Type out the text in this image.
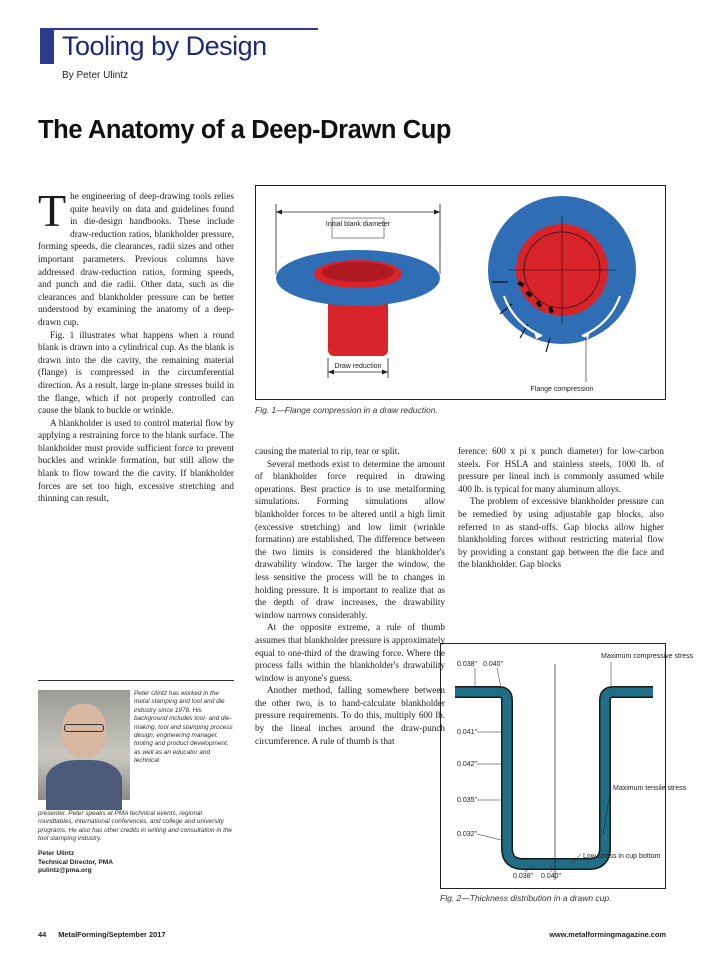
Tooling by Design
By Peter Ulintz
The Anatomy of a Deep-Drawn Cup

The engineering of deep-drawing tools relies quite heavily on data and guidelines found in die-design handbooks. These include draw-reduction ratios, blankholder pressure, forming speeds, die clearances, radii sizes and other important parameters. Previous columns have addressed draw-reduction ratios, forming speeds, and punch and die radii. Other data, such as die clearances and blankholder pressure can be better understood by examining the anatomy of a deep-drawn cup.

Fig. 1 illustrates what happens when a round blank is drawn into a cylindrical cup. As the blank is drawn into the die cavity, the remaining material (flange) is compressed in the circumferential direction. As a result, large in-plane stresses build in the flange, which if not properly controlled can cause the blank to buckle or wrinkle.

A blankholder is used to control material flow by applying a restraining force to the blank surface. The blankholder must provide sufficient force to prevent buckles and wrinkle formation, but still allow the blank to flow toward the die cavity. If blankholder forces are set too high, excessive stretching and thinning can result,

Initial blank diameter
Draw reduction
Flange compression
Fig. 1—Flange compression in a draw reduction.

causing the material to rip, tear or split.

Several methods exist to determine the amount of blankholder force required in drawing operations. Best practice is to use metalforming simulations. Forming simulations allow blankholder forces to be altered until a high limit (excessive stretching) and low limit (wrinkle formation) are established. The difference between the two limits is considered the blankholder's drawability window. The larger the window, the less sensitive the process will be to changes in holding pressure. It is important to realize that as the depth of draw increases, the drawability window narrows considerably.

At the opposite extreme, a rule of thumb assumes that blankholder pressure is approximately equal to one-third of the drawing force. Where the process falls within the blankholder's drawability window is anyone's guess.

Another method, falling somewhere between the other two, is to hand-calculate blankholder pressure requirements. To do this, multiply 600 lb. by the lineal inches around the draw-punch circumference. A rule of thumb is that

ference: 600 x pi x punch diameter) for low-carbon steels. For HSLA and stainless steels, 1000 lb. of pressure per lineal inch is commonly assumed while 400 lb. is typical for many aluminum alloys.

The problem of excessive blankholder pressure can be remedied by using adjustable gap blocks, also referred to as stand-offs. Gap blocks allow higher blankholding forces without restricting material flow by providing a constant gap between the die face and the blankholder. Gap blocks

0.038" 0.040"
0.041"
0.042"
0.035"
0.032"
0.038" 0.040"
Maximum compressive stress
Maximum tensile stress
Low stress in cup bottom
Fig. 2—Thickness distribution in a drawn cup.
Peter Ulintz has worked in the metal stamping and tool and die industry since 1978. His background includes tool- and die-making, tool and stamping process design, engineering manager, tooling and product development, as well as an educator and technical
presenter. Peter speaks at PMA technical events, regional roundtables, international conferences, and college and university programs. He also has other credits in writing and consultation in the tool stamping industry.
Peter Ulintz
Technical Director, PMA
pulintz@pma.org
44 MetalForming/September 2017	www.metalformingmagazine.com
